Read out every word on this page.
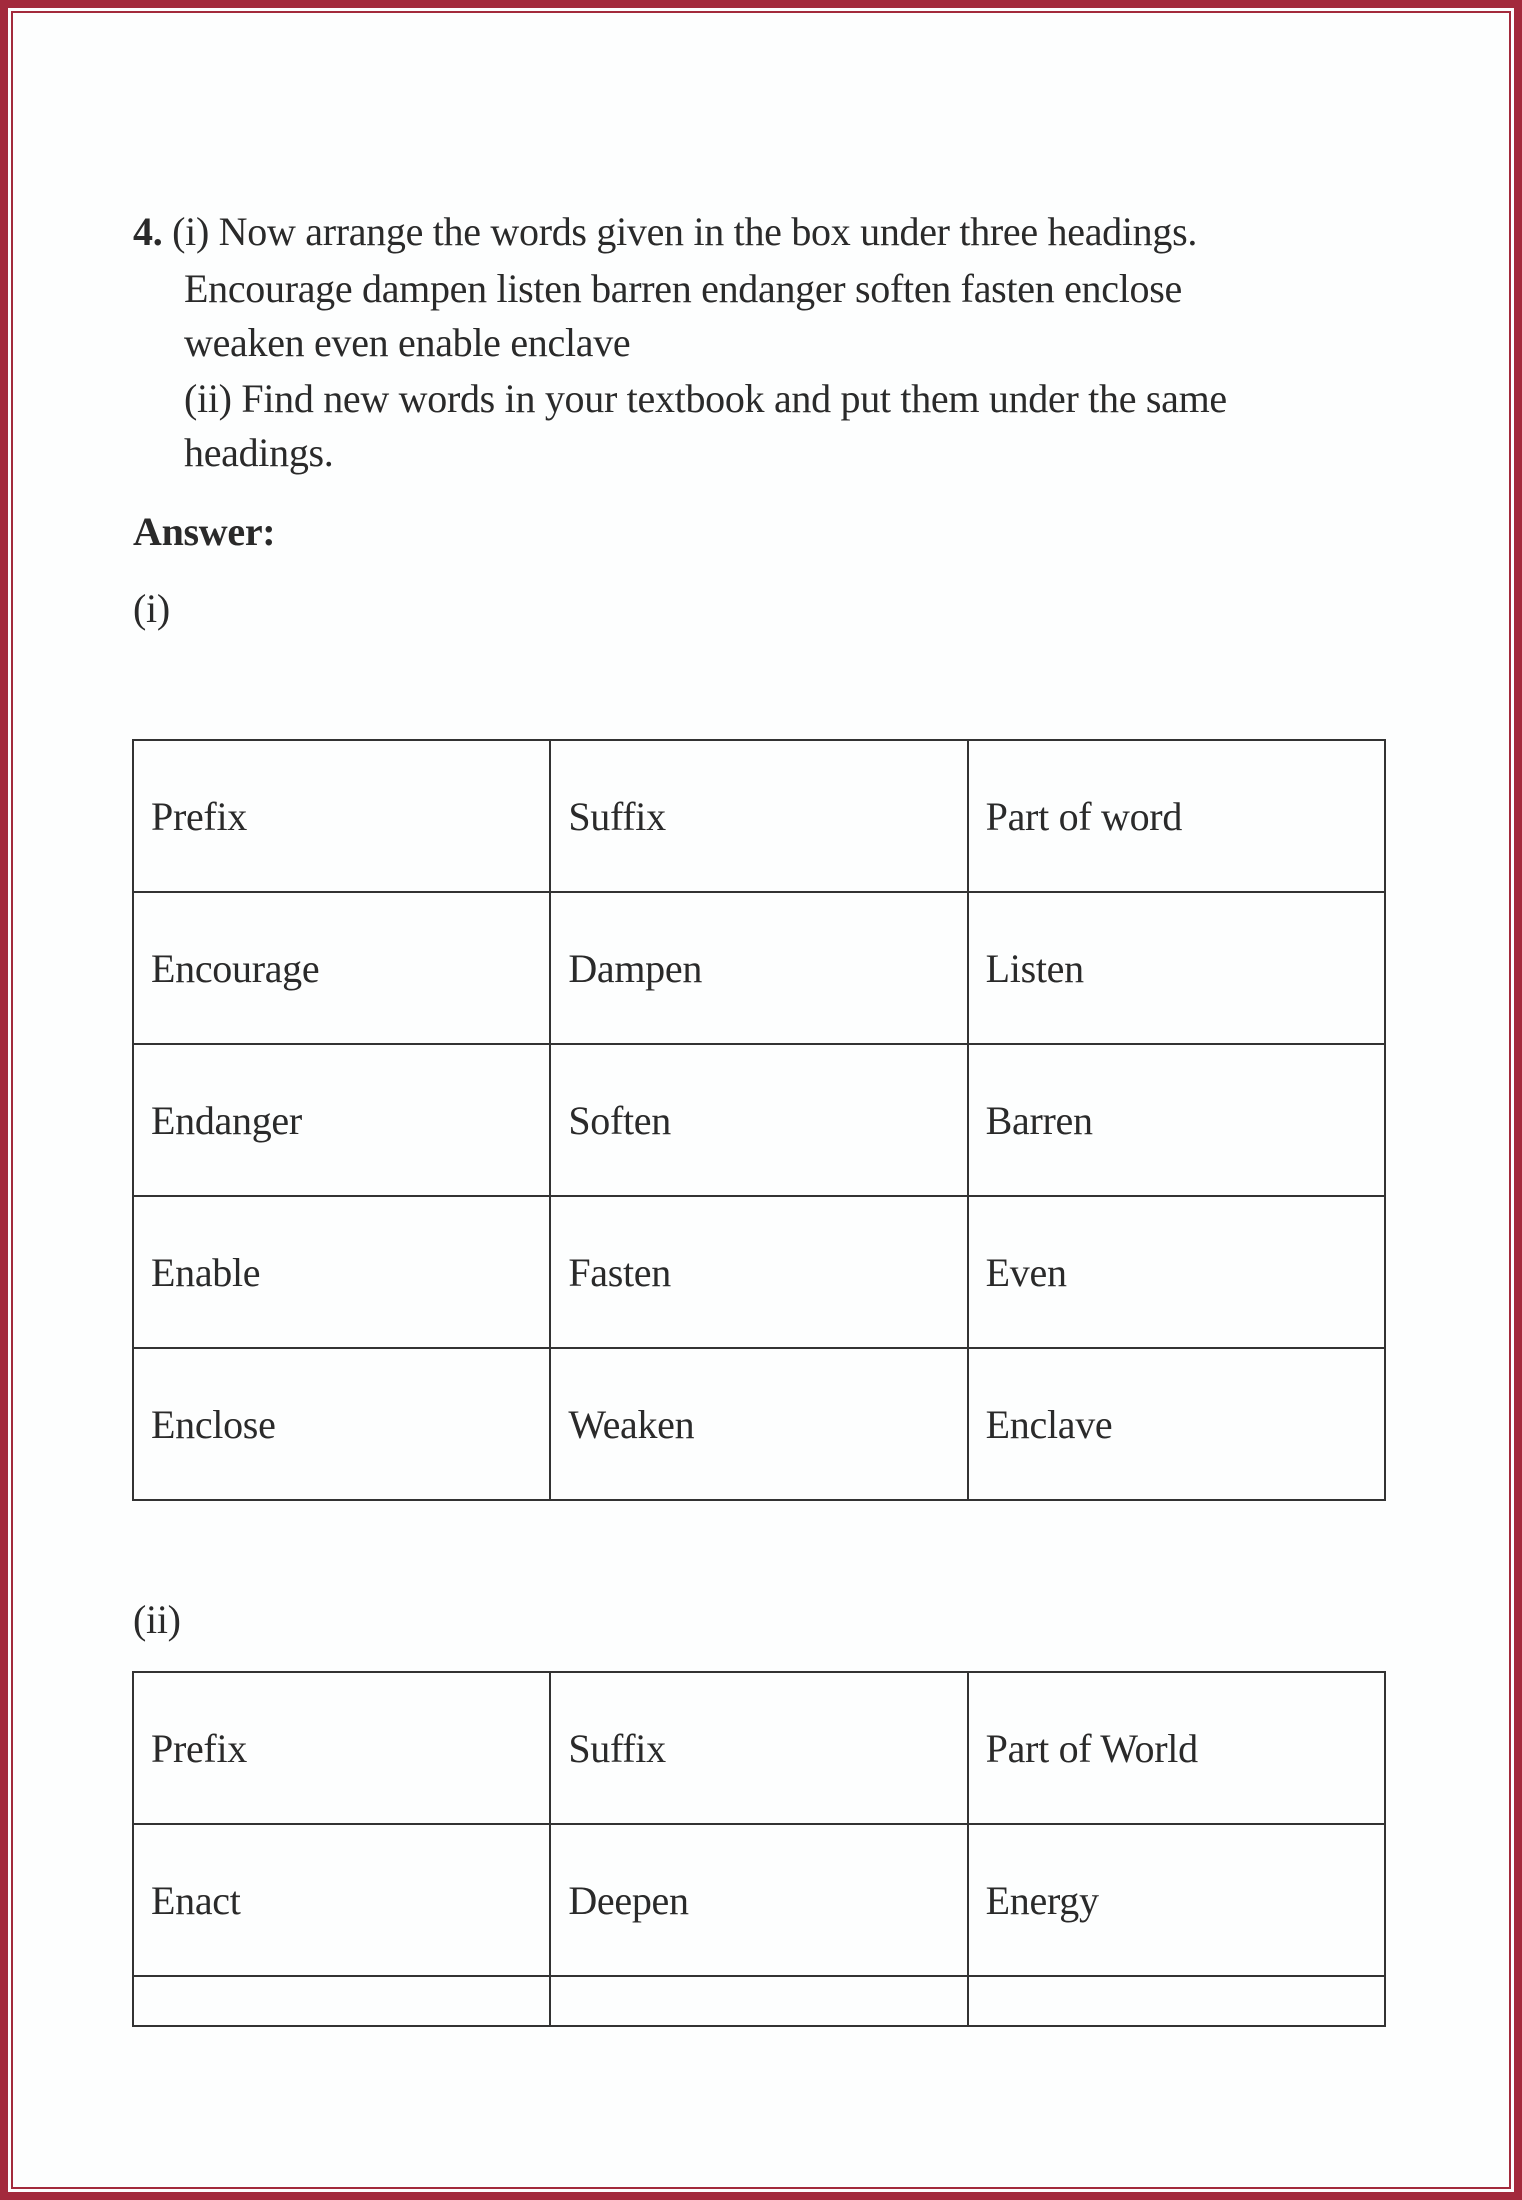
4. (i) Now arrange the words given in the box under three headings.
Encourage dampen listen barren endanger soften fasten enclose
weaken even enable enclave
(ii) Find new words in your textbook and put them under the same
headings.
Answer:
(i)
Prefix	Suffix	Part of word
Encourage	Dampen	Listen
Endanger	Soften	Barren
Enable	Fasten	Even
Enclose	Weaken	Enclave
(ii)
Prefix	Suffix	Part of World
Enact	Deepen	Energy
